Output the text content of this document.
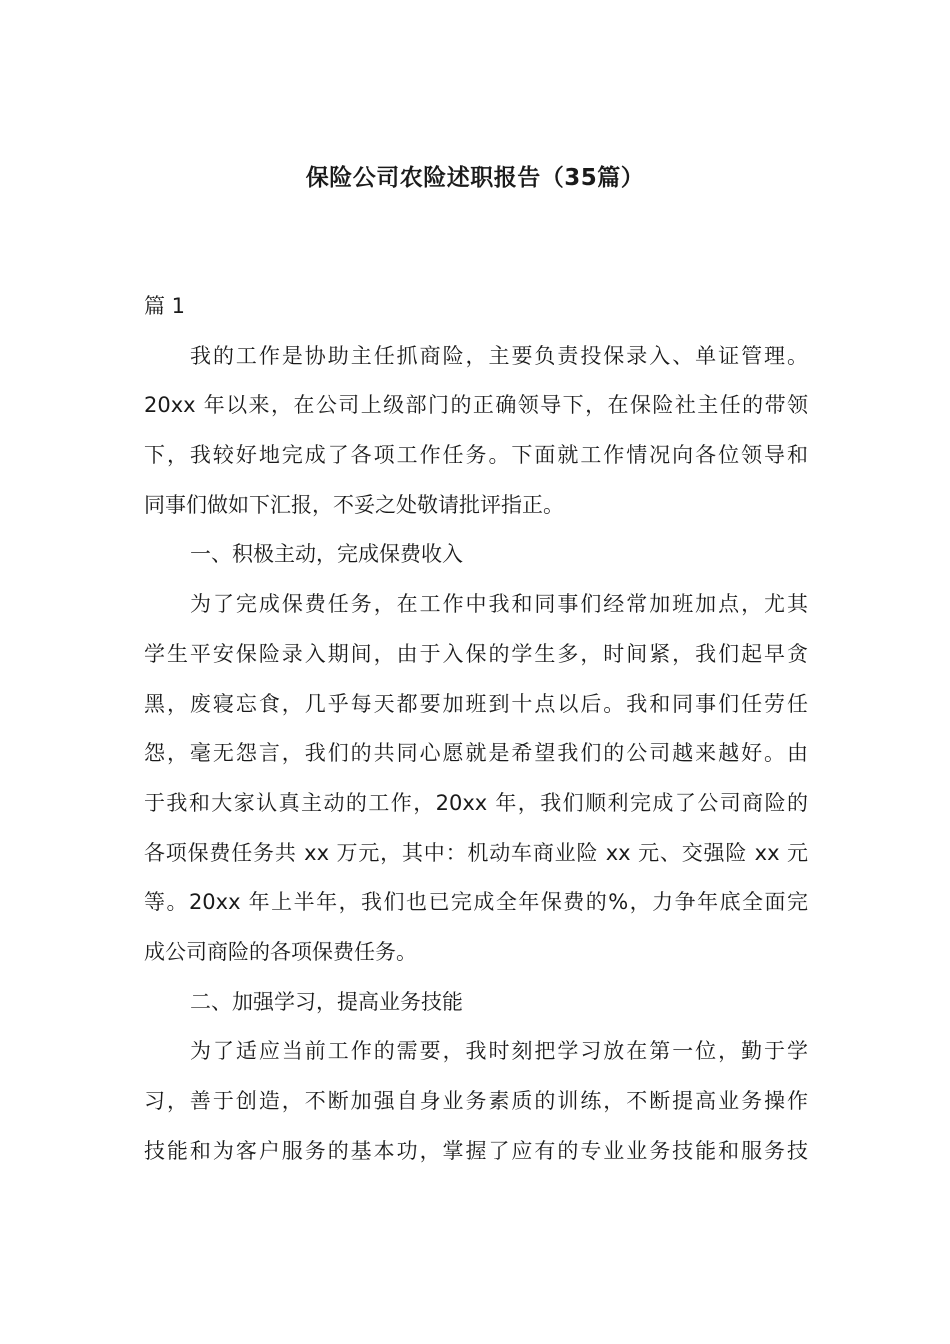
保险公司农险述职报告（35篇）
篇 1
我的工作是协助主任抓商险，主要负责投保录入、单证管理。
20xx 年以来，在公司上级部门的正确领导下，在保险社主任的带领
下，我较好地完成了各项工作任务。下面就工作情况向各位领导和
同事们做如下汇报，不妥之处敬请批评指正。
一、积极主动，完成保费收入
为了完成保费任务，在工作中我和同事们经常加班加点，尤其
学生平安保险录入期间，由于入保的学生多，时间紧，我们起早贪
黑，废寝忘食，几乎每天都要加班到十点以后。我和同事们任劳任
怨，毫无怨言，我们的共同心愿就是希望我们的公司越来越好。由
于我和大家认真主动的工作，20xx 年，我们顺利完成了公司商险的
各项保费任务共 xx 万元，其中：机动车商业险 xx 元、交强险 xx 元
等。20xx 年上半年，我们也已完成全年保费的%，力争年底全面完
成公司商险的各项保费任务。
二、加强学习，提高业务技能
为了适应当前工作的需要，我时刻把学习放在第一位，勤于学
习，善于创造，不断加强自身业务素质的训练，不断提高业务操作
技能和为客户服务的基本功，掌握了应有的专业业务技能和服务技
